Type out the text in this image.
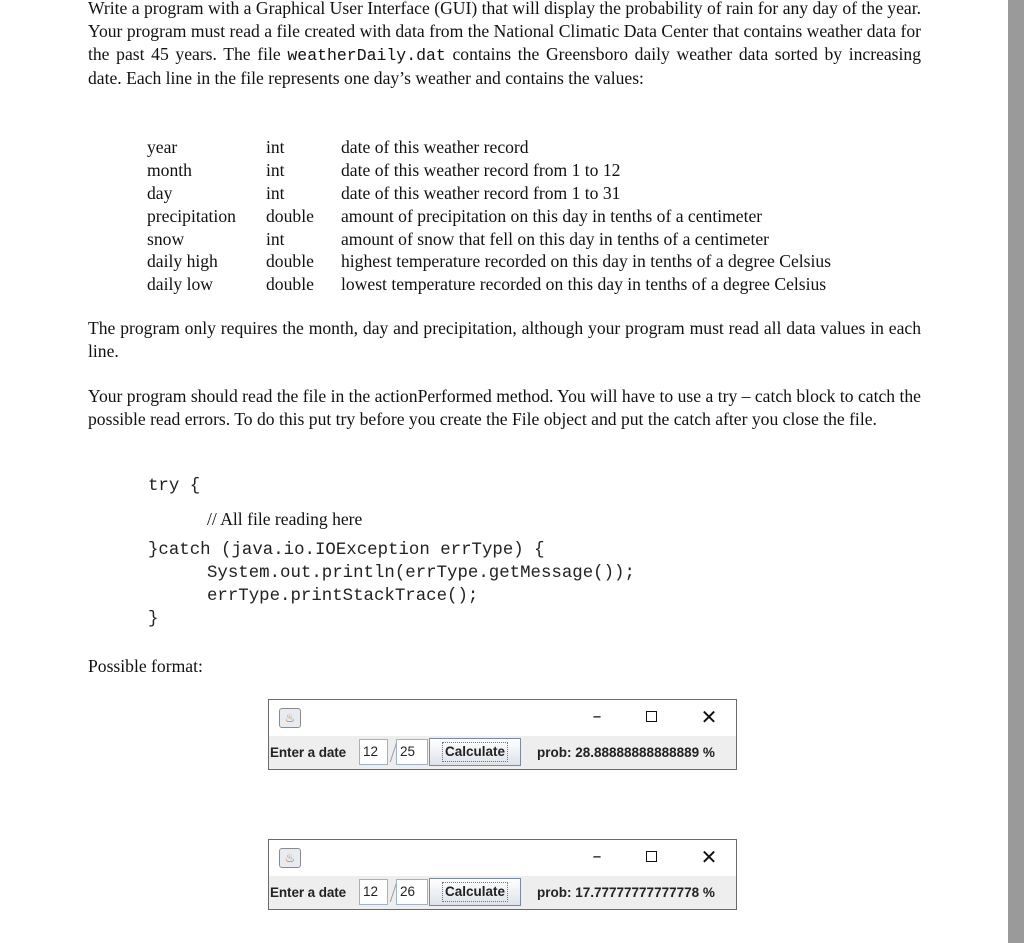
Write a program with a Graphical User Interface (GUI) that will display the probability of rain for any day of the year. Your program must read a file created with data from the National Climatic Data Center that contains weather data for the past 45 years. The file weatherDaily.dat contains the Greensboro daily weather data sorted by increasing date. Each line in the file represents one day’s weather and contains the values:
year	int	date of this weather record
month	int	date of this weather record from 1 to 12
day	int	date of this weather record from 1 to 31
precipitation double amount of precipitation on this day in tenths of a centimeter
snow	int	amount of snow that fell on this day in tenths of a centimeter
daily high	double highest temperature recorded on this day in tenths of a degree Celsius
daily low	double lowest temperature recorded on this day in tenths of a degree Celsius
The program only requires the month, day and precipitation, although your program must read all data values in each line.
Your program should read the file in the actionPerformed method. You will have to use a try – catch block to catch the possible read errors. To do this put try before you create the File object and put the catch after you close the file.
try {
// All file reading here
}catch (java.io.IOException errType) {
System.out.println(errType.getMessage());
errType.printStackTrace();
}
Possible format:
♨	–	✕
Enter a date 12	25	Calculate	prob: 28.88888888888889 %
♨	–	✕
Enter a date 12	26	Calculate	prob: 17.77777777777778 %
